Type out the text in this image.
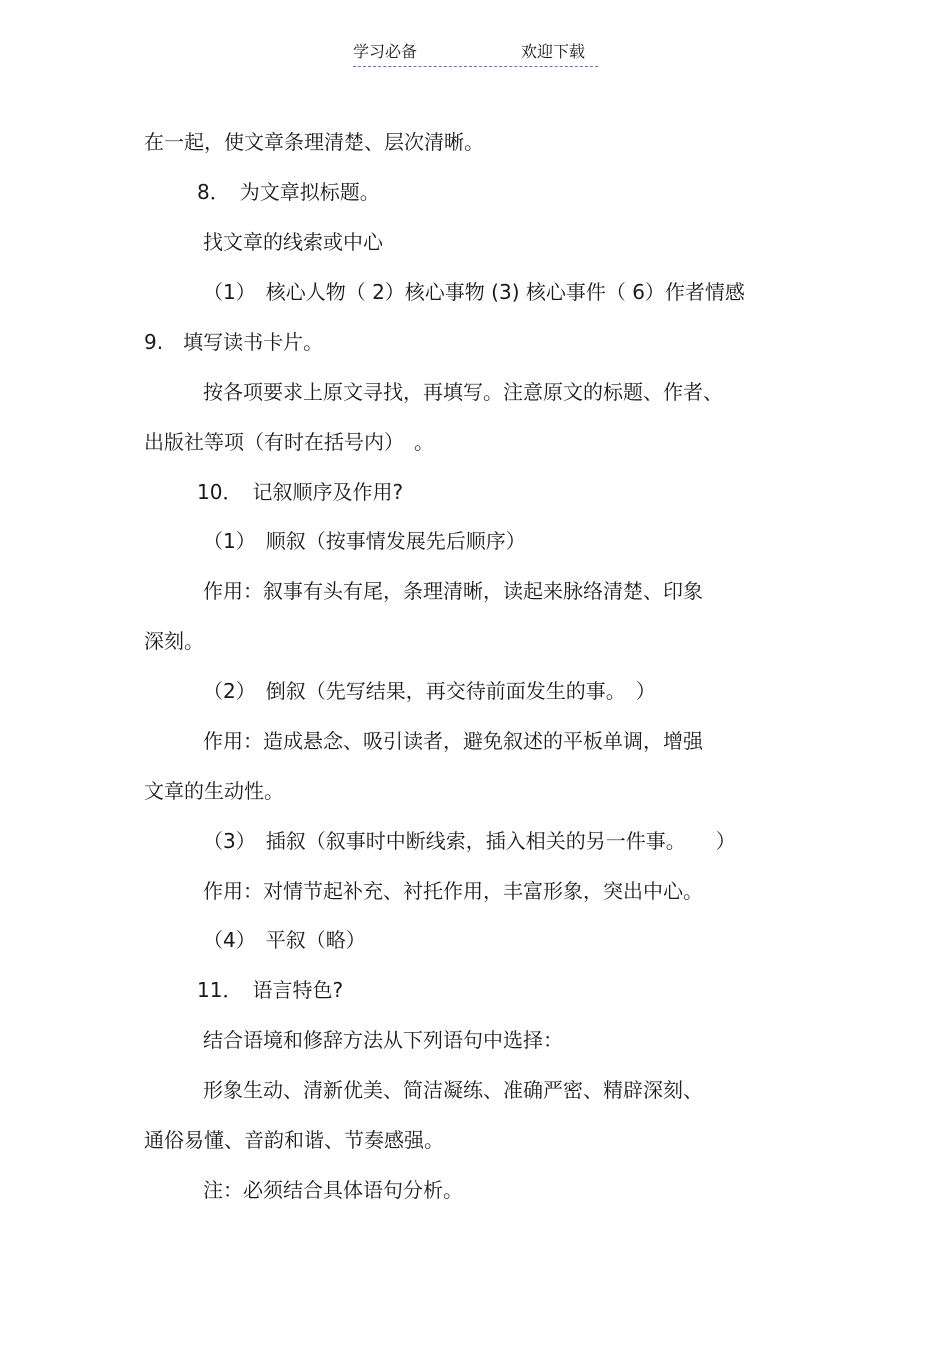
学习必备	欢迎下载
在一起，使文章条理清楚、层次清晰。
8．　为文章拟标题。
找文章的线索或中心
（1）　核心人物（ 2）核心事物 (3) 核心事件（ 6）作者情感
9.　填写读书卡片。
按各项要求上原文寻找，再填写。注意原文的标题、作者、
出版社等项（有时在括号内）　。
10．　记叙顺序及作用?
（1）　顺叙（按事情发展先后顺序）
作用：叙事有头有尾，条理清晰，读起来脉络清楚、印象
深刻。
（2）　倒叙（先写结果，再交待前面发生的事。　）
作用：造成悬念、吸引读者，避免叙述的平板单调，增强
文章的生动性。
（3）　插叙（叙事时中断线索，插入相关的另一件事。　　）
作用：对情节起补充、衬托作用，丰富形象，突出中心。
（4）　平叙（略）
11．　语言特色?
结合语境和修辞方法从下列语句中选择：
形象生动、清新优美、简洁凝练、准确严密、精辟深刻、
通俗易懂、音韵和谐、节奏感强。
注：必须结合具体语句分析。
